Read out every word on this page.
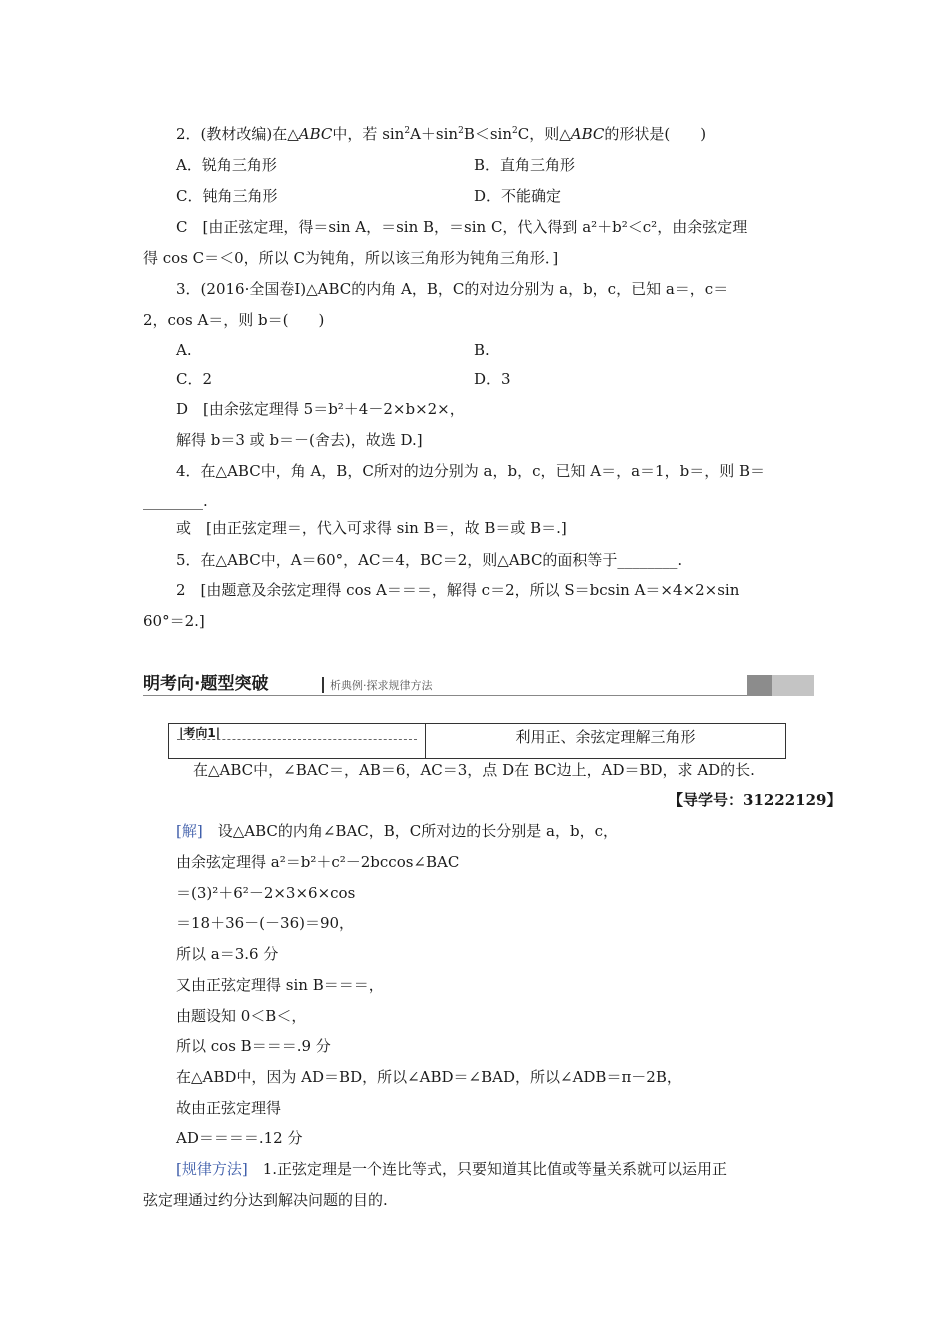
2．(教材改编)在△ABC中，若 $\sin^2A+\sin^2B<\sin^2C$，则△ABC的形状是(　　)
A．锐角三角形	B．直角三角形
C．钝角三角形	D．不能确定
C　[由正弦定理，得＝sin A，＝sin B，＝sin C，代入得到 a²＋b²＜c²，由余弦定理
得 cos C＝＜0，所以 C为钝角，所以该三角形为钝角三角形．]
3．(2016·全国卷Ⅰ)△ABC的内角 A，B，C的对边分别为 a，b，c，已知 a＝，c＝
2，cos A＝，则 b＝(　　)
A.	B.
C．2	D．3
D　[由余弦定理得 5＝b²＋4－2×b×2×，
解得 b＝3 或 b＝－(舍去)，故选 D.]
4．在△ABC中，角 A，B，C所对的边分别为 a，b，c，已知 A＝，a＝1，b＝，则 B＝
________.
或　[由正弦定理＝，代入可求得 sin B＝，故 B＝或 B＝.]
5．在△ABC中，A＝60°，AC＝4，BC＝2，则△ABC的面积等于________.
2　[由题意及余弦定理得 cos A＝＝＝，解得 c＝2，所以 S＝bcsin A＝×4×2×sin
60°＝2.]
明考向·题型突破	析典例·探求规律方法
|考向1|	利用正、余弦定理解三角形
在△ABC中，∠BAC＝，AB＝6，AC＝3，点 D在 BC边上，AD＝BD，求 AD的长.
【导学号：31222129】
[解]　设△ABC的内角∠BAC，B，C所对边的长分别是 a，b，c，
由余弦定理得 a²＝b²＋c²－2bccos∠BAC
＝(3)²＋6²－2×3×6×cos
＝18＋36－(－36)＝90，
所以 a＝3.6 分
又由正弦定理得 sin B＝＝＝，
由题设知 0＜B＜，
所以 cos B＝＝＝.9 分
在△ABD中，因为 AD＝BD，所以∠ABD＝∠BAD，所以∠ADB＝π－2B，
故由正弦定理得
AD＝＝＝＝.12 分
[规律方法]　1.正弦定理是一个连比等式，只要知道其比值或等量关系就可以运用正
弦定理通过约分达到解决问题的目的.
